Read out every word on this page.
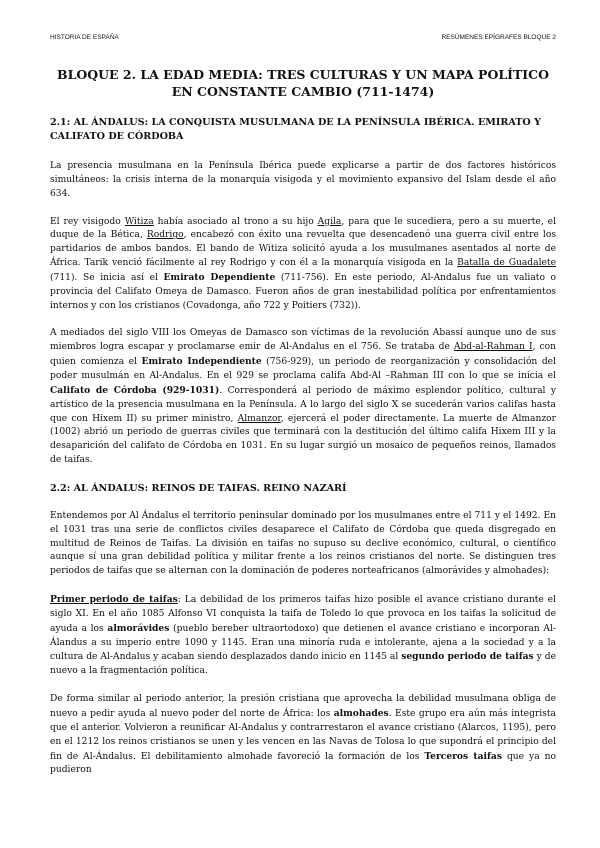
HISTORIA DE ESPAÑA	RESÚMENES EPÍGRAFES BLOQUE 2
BLOQUE 2. LA EDAD MEDIA: TRES CULTURAS Y UN MAPA POLÍTICO
EN CONSTANTE CAMBIO (711-1474)
2.1: AL ÁNDALUS: LA CONQUISTA MUSULMANA DE LA PENÍNSULA IBÉRICA. EMIRATO Y CALIFATO DE CÓRDOBA

La presencia musulmana en la Península Ibérica puede explicarse a partir de dos factores históricos simultáneos: la crisis interna de la monarquía visigoda y el movimiento expansivo del Islam desde el año 634.

El rey visigodo Witiza había asociado al trono a su hijo Agila, para que le sucediera, pero a su muerte, el duque de la Bética, Rodrigo, encabezó con éxito una revuelta que desencadenó una guerra civil entre los partidarios de ambos bandos. El bando de Witiza solicitó ayuda a los musulmanes asentados al norte de África. Tarik venció fácilmente al rey Rodrigo y con él a la monarquía visigoda en la Batalla de Guadalete (711). Se inicia así el Emirato Dependiente (711-756). En este periodo, Al-Andalus fue un valiato o provincia del Califato Omeya de Damasco. Fueron años de gran inestabilidad política por enfrentamientos internos y con los cristianos (Covadonga, año 722 y Poitiers (732)).

A mediados del siglo VIII los Omeyas de Damasco son víctimas de la revolución Abassí aunque uno de sus miembros logra escapar y proclamarse emir de Al-Andalus en el 756. Se trataba de Abd-al-Rahman I, con quien comienza el Emirato Independiente (756-929), un periodo de reorganización y consolidación del poder musulmán en Al-Andalus. En el 929 se proclama califa Abd-Al –Rahman III con lo que se inicia el Califato de Córdoba (929-1031). Corresponderá al periodo de máximo esplendor político, cultural y artístico de la presencia musulmana en la Península. A lo largo del siglo X se sucederán varios califas hasta que con Hixem II) su primer ministro, Almanzor, ejercerá el poder directamente. La muerte de Almanzor (1002) abrió un periodo de guerras civiles que terminará con la destitución del último califa Hixem III y la desaparición del califato de Córdoba en 1031. En su lugar surgió un mosaico de pequeños reinos, llamados de taifas.

2.2: AL ÁNDALUS: REINOS DE TAIFAS. REINO NAZARÍ

Entendemos por Al Ándalus el territorio peninsular dominado por los musulmanes entre el 711 y el 1492. En el 1031 tras una serie de conflictos civiles desaparece el Califato de Córdoba que queda disgregado en multitud de Reinos de Taifas. La división en taifas no supuso su declive económico, cultural, o científico aunque sí una gran debilidad política y militar frente a los reinos cristianos del norte. Se distinguen tres periodos de taifas que se alternan con la dominación de poderes norteafricanos (almorávides y almohades):

Primer periodo de taifas: La debilidad de los primeros taifas hizo posible el avance cristiano durante el siglo XI. En el año 1085 Alfonso VI conquista la taifa de Toledo lo que provoca en los taifas la solicitud de ayuda a los almorávides (pueblo bereber ultraortodoxo) que detienen el avance cristiano e incorporan Al-Álandus a su imperio entre 1090 y 1145. Eran una minoría ruda e intolerante, ajena a la sociedad y a la cultura de Al-Andalus y acaban siendo desplazados dando inicio en 1145 al segundo periodo de taifas y de nuevo a la fragmentación política.

De forma similar al periodo anterior, la presión cristiana que aprovecha la debilidad musulmana obliga de nuevo a pedir ayuda al nuevo poder del norte de África: los almohades. Este grupo era aún más integrista que el anterior. Volvieron a reunificar Al-Andalus y contrarrestaron el avance cristiano (Alarcos, 1195), pero en el 1212 los reinos cristianos se unen y les vencen en las Navas de Tolosa lo que supondrá el principio del fin de Al-Ándalus. El debilitamiento almohade favoreció la formación de los Terceros taifas que ya no pudieron
